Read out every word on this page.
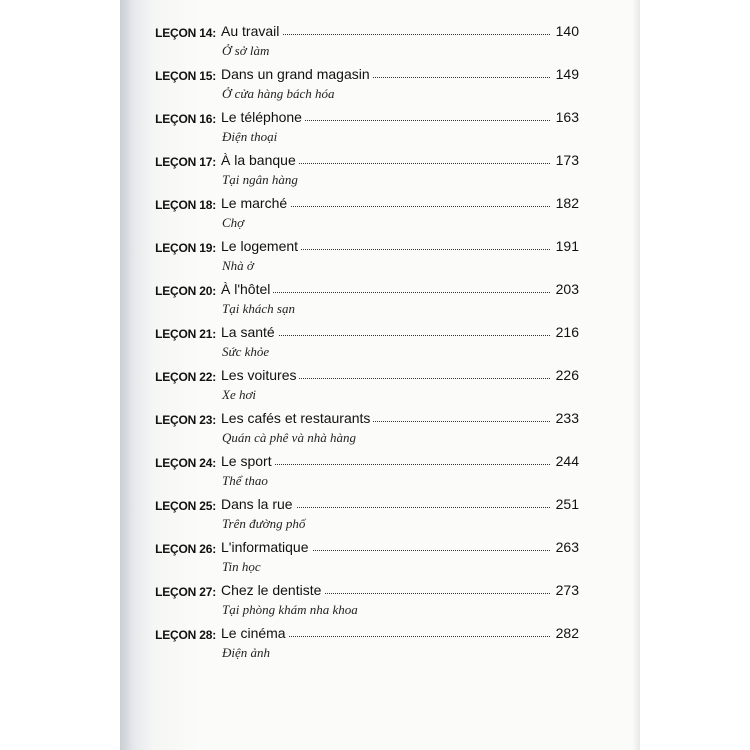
LEÇON 14: Au travail	140
Ở sở làm
LEÇON 15: Dans un grand magasin	149
Ở cửa hàng bách hóa
LEÇON 16: Le téléphone	163
Điện thoại
LEÇON 17: À la banque	173
Tại ngân hàng
LEÇON 18: Le marché	182
Chợ
LEÇON 19: Le logement	191
Nhà ở
LEÇON 20: À l'hôtel	203
Tại khách sạn
LEÇON 21: La santé	216
Sức khỏe
LEÇON 22: Les voitures	226
Xe hơi
LEÇON 23: Les cafés et restaurants	233
Quán cà phê và nhà hàng
LEÇON 24: Le sport	244
Thể thao
LEÇON 25: Dans la rue	251
Trên đường phố
LEÇON 26: L'informatique	263
Tin học
LEÇON 27: Chez le dentiste	273
Tại phòng khám nha khoa
LEÇON 28: Le cinéma	282
Điện ảnh
